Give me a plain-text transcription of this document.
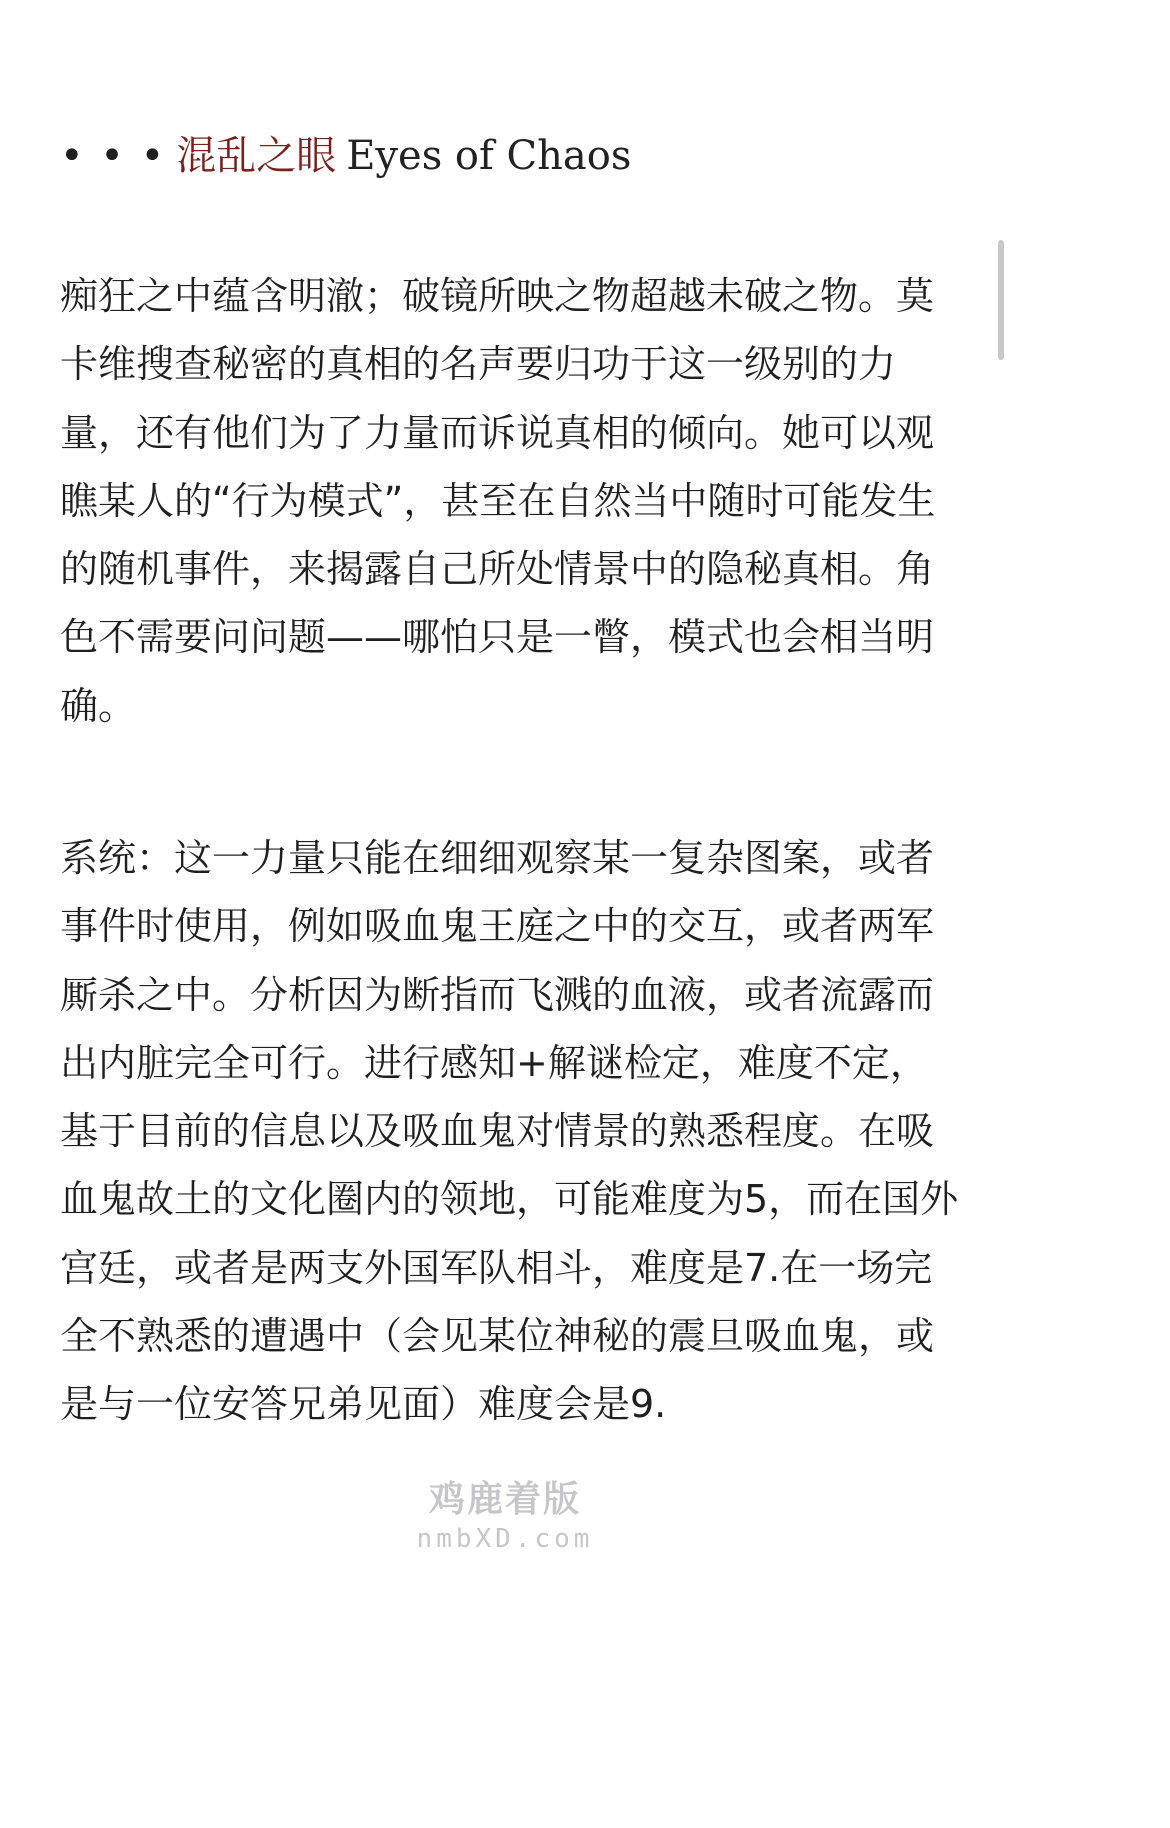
• • • 混乱之眼 Eyes of Chaos

痴狂之中蕴含明澈；破镜所映之物超越未破之物。莫卡维搜查秘密的真相的名声要归功于这一级别的力量，还有他们为了力量而诉说真相的倾向。她可以观瞧某人的“行为模式”，甚至在自然当中随时可能发生的随机事件，来揭露自己所处情景中的隐秘真相。角色不需要问问题——哪怕只是一瞥，模式也会相当明确。

系统：这一力量只能在细细观察某一复杂图案，或者事件时使用，例如吸血鬼王庭之中的交互，或者两军厮杀之中。分析因为断指而飞溅的血液，或者流露而出内脏完全可行。进行感知+解谜检定，难度不定，基于目前的信息以及吸血鬼对情景的熟悉程度。在吸血鬼故土的文化圈内的领地，可能难度为5，而在国外宫廷，或者是两支外国军队相斗，难度是7.在一场完全不熟悉的遭遇中（会见某位神秘的震旦吸血鬼，或是与一位安答兄弟见面）难度会是9.

鸡鹿着版
nmbXD.com
